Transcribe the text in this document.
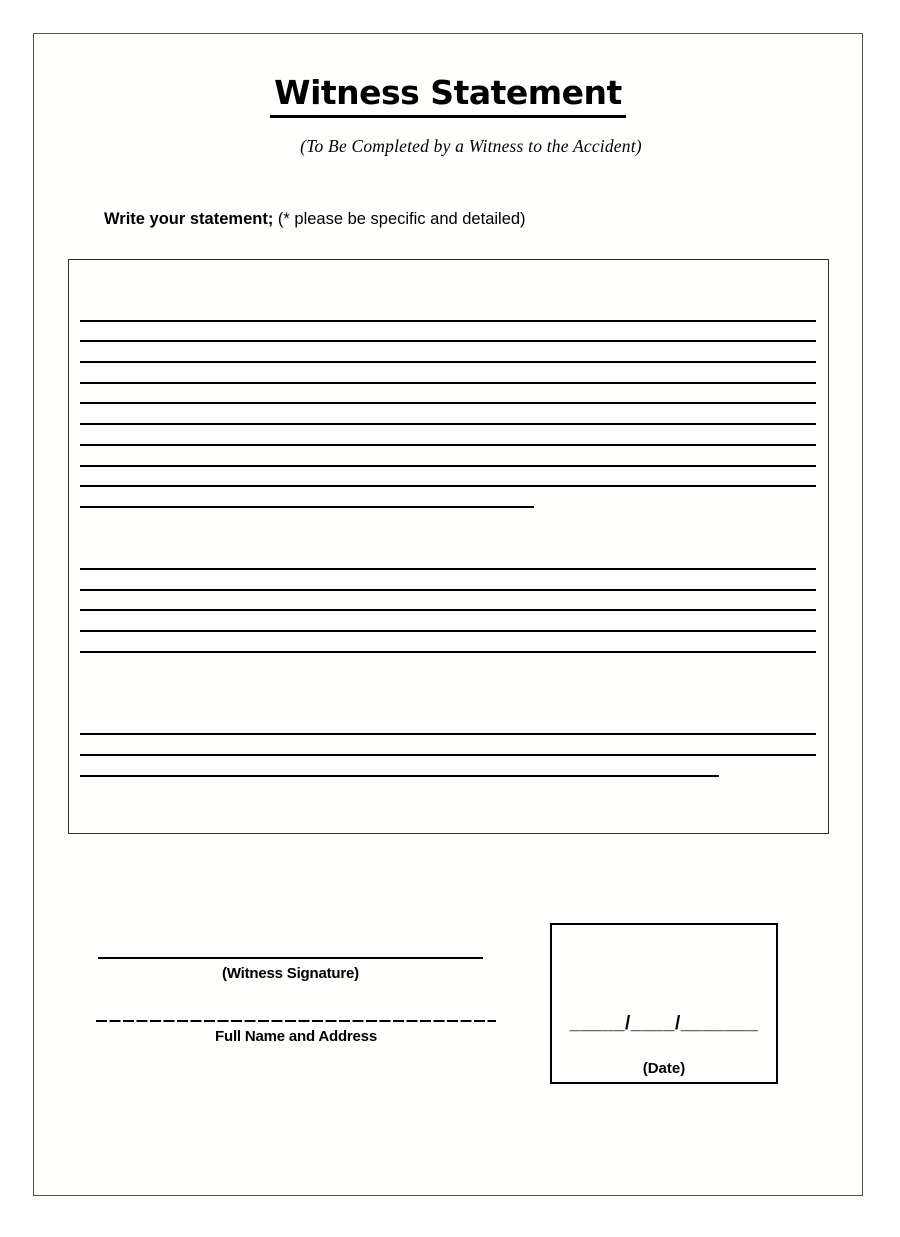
Witness Statement
(To Be Completed by a Witness to the Accident)
Write your statement; (* please be specific and detailed)
(Witness Signature)
Full Name and Address
_____/____/_______
(Date)
